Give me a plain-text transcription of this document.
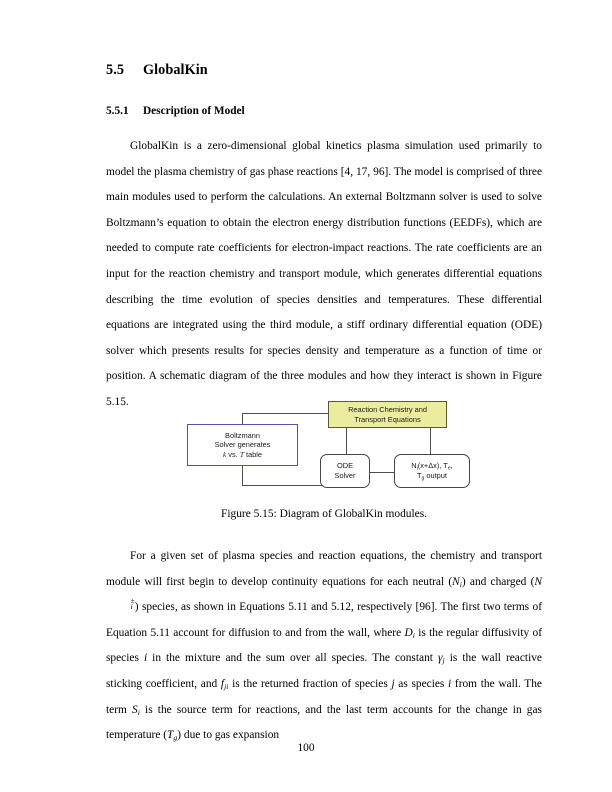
5.5	GlobalKin
5.5.1	Description of Model

GlobalKin is a zero-dimensional global kinetics plasma simulation used primarily to model the plasma chemistry of gas phase reactions [4, 17, 96]. The model is comprised of three main modules used to perform the calculations. An external Boltzmann solver is used to solve Boltzmann’s equation to obtain the electron energy distribution functions (EEDFs), which are needed to compute rate coefficients for electron-impact reactions. The rate coefficients are an input for the reaction chemistry and transport module, which generates differential equations describing the time evolution of species densities and temperatures. These differential equations are integrated using the third module, a stiff ordinary differential equation (ODE) solver which presents results for species density and temperature as a function of time or position. A schematic diagram of the three modules and how they interact is shown in Figure 5.15.

Boltzmann
Solver generates
k vs. T table
Reaction Chemistry and
Transport Equations
ODE
Solver
$N_i(x+\Delta x)$, $T_e$,
$T_g$ output
Figure 5.15: Diagram of GlobalKin modules.

For a given set of plasma species and reaction equations, the chemistry and transport module will first begin to develop continuity equations for each neutral $(N_i)$ and charged (N
±
i ) species, as shown in Equations 5.11 and 5.12, respectively [96]. The first two terms of Equation 5.11 account for diffusion to and from the wall, where $D_i$ is the regular diffusivity of species i in the mixture and the sum over all species. The constant $\gamma_j$ is the wall reactive sticking coefficient, and $f_{ji}$ is the returned fraction of species j as species i from the wall. The term $S_i$ is the source term for reactions, and the last term accounts for the change in gas temperature $(T_g)$ due to gas expansion

100
